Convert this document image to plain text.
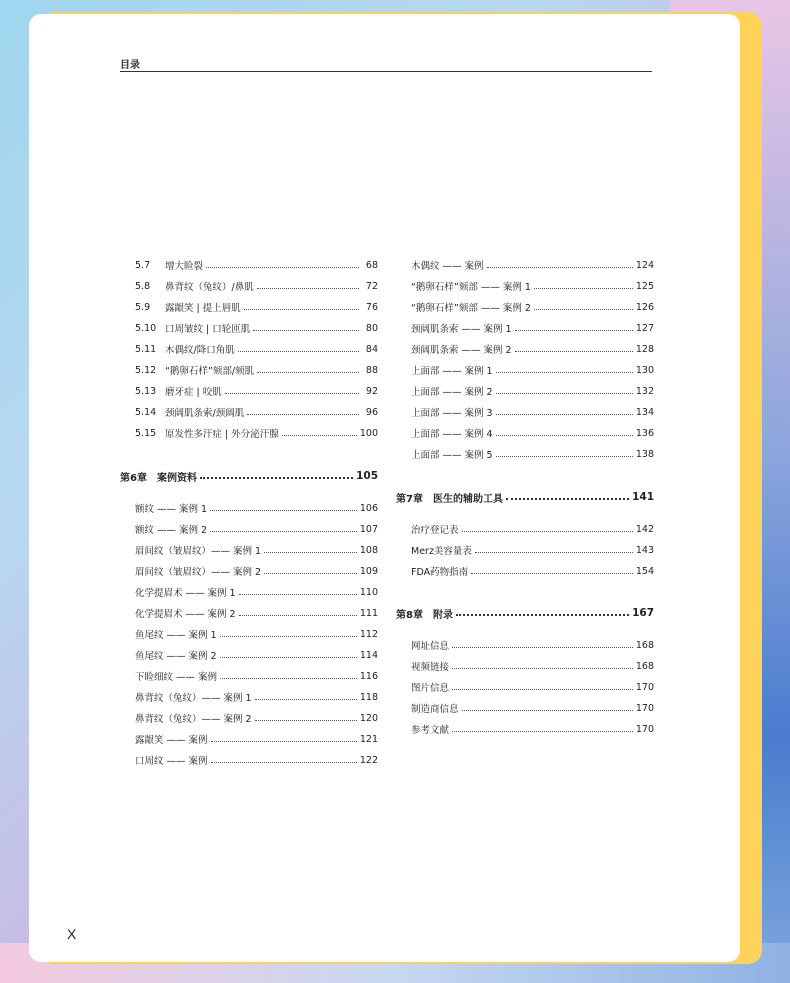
目录
5.7	增大睑裂	68
5.8	鼻背纹（兔纹）/鼻肌	72
5.9	露龈笑 | 提上唇肌	76
5.10 口周皱纹 | 口轮匝肌	80
5.11 木偶纹/降口角肌	84
5.12 “鹅卵石样”颏部/颏肌	88
5.13 磨牙症 | 咬肌	92
5.14 颈阔肌条索/颈阔肌	96
5.15 原发性多汗症 | 外分泌汗腺	100
第6章　案例资料	105
额纹 —— 案例 1	106
额纹 —— 案例 2	107
眉间纹（皱眉纹）—— 案例 1	108
眉间纹（皱眉纹）—— 案例 2	109
化学提眉术 —— 案例 1	110
化学提眉术 —— 案例 2	111
鱼尾纹 —— 案例 1	112
鱼尾纹 —— 案例 2	114
下睑细纹 —— 案例	116
鼻背纹（兔纹）—— 案例 1	118
鼻背纹（兔纹）—— 案例 2	120
露龈笑 —— 案例	121
口周纹 —— 案例	122
木偶纹 —— 案例	124
“鹅卵石样”颏部 —— 案例 1	125
“鹅卵石样”颏部 —— 案例 2	126
颈阔肌条索 —— 案例 1	127
颈阔肌条索 —— 案例 2	128
上面部 —— 案例 1	130
上面部 —— 案例 2	132
上面部 —— 案例 3	134
上面部 —— 案例 4	136
上面部 —— 案例 5	138
第7章　医生的辅助工具	141
治疗登记表	142
Merz美容量表	143
FDA药物指南	154
第8章　附录	167
网址信息	168
视频链接	168
图片信息	170
制造商信息	170
参考文献	170
X
